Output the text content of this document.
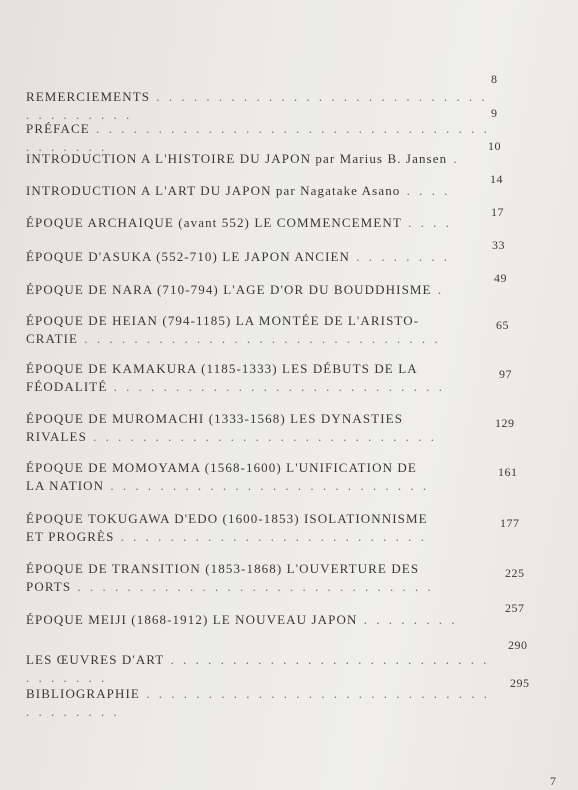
REMERCIEMENTS . . . . . . . . . . . . . . . . . . . . . . . . . . . . . . . . . . . .
8
PRÉFACE . . . . . . . . . . . . . . . . . . . . . . . . . . . . . . . . . . . . . . .
9
INTRODUCTION A L'HISTOIRE DU JAPON par Marius B. Jansen .
10
INTRODUCTION A L'ART DU JAPON par Nagatake Asano . . . .
14
ÉPOQUE ARCHAIQUE (avant 552) LE COMMENCEMENT . . . .
17
ÉPOQUE D'ASUKA (552-710) LE JAPON ANCIEN . . . . . . . .
33
ÉPOQUE DE NARA (710-794) L'AGE D'OR DU BOUDDHISME .
49
ÉPOQUE DE HEIAN (794-1185) LA MONTÉE DE L'ARISTO-
CRATIE . . . . . . . . . . . . . . . . . . . . . . . . . . . . .
65
ÉPOQUE DE KAMAKURA (1185-1333) LES DÉBUTS DE LA
FÉODALITÉ . . . . . . . . . . . . . . . . . . . . . . . . . . .
97
ÉPOQUE DE MUROMACHI (1333-1568) LES DYNASTIES
RIVALES . . . . . . . . . . . . . . . . . . . . . . . . . . . .
129
ÉPOQUE DE MOMOYAMA (1568-1600) L'UNIFICATION DE
LA NATION . . . . . . . . . . . . . . . . . . . . . . . . . .
161
ÉPOQUE TOKUGAWA D'EDO (1600-1853) ISOLATIONNISME
ET PROGRÈS . . . . . . . . . . . . . . . . . . . . . . . . .
177
ÉPOQUE DE TRANSITION (1853-1868) L'OUVERTURE DES
PORTS . . . . . . . . . . . . . . . . . . . . . . . . . . . . .
225
ÉPOQUE MEIJI (1868-1912) LE NOUVEAU JAPON . . . . . . . .
257
LES ŒUVRES D'ART . . . . . . . . . . . . . . . . . . . . . . . . . . . . . . . . .
290
BIBLIOGRAPHIE . . . . . . . . . . . . . . . . . . . . . . . . . . . . . . . . . . . .
295
7
